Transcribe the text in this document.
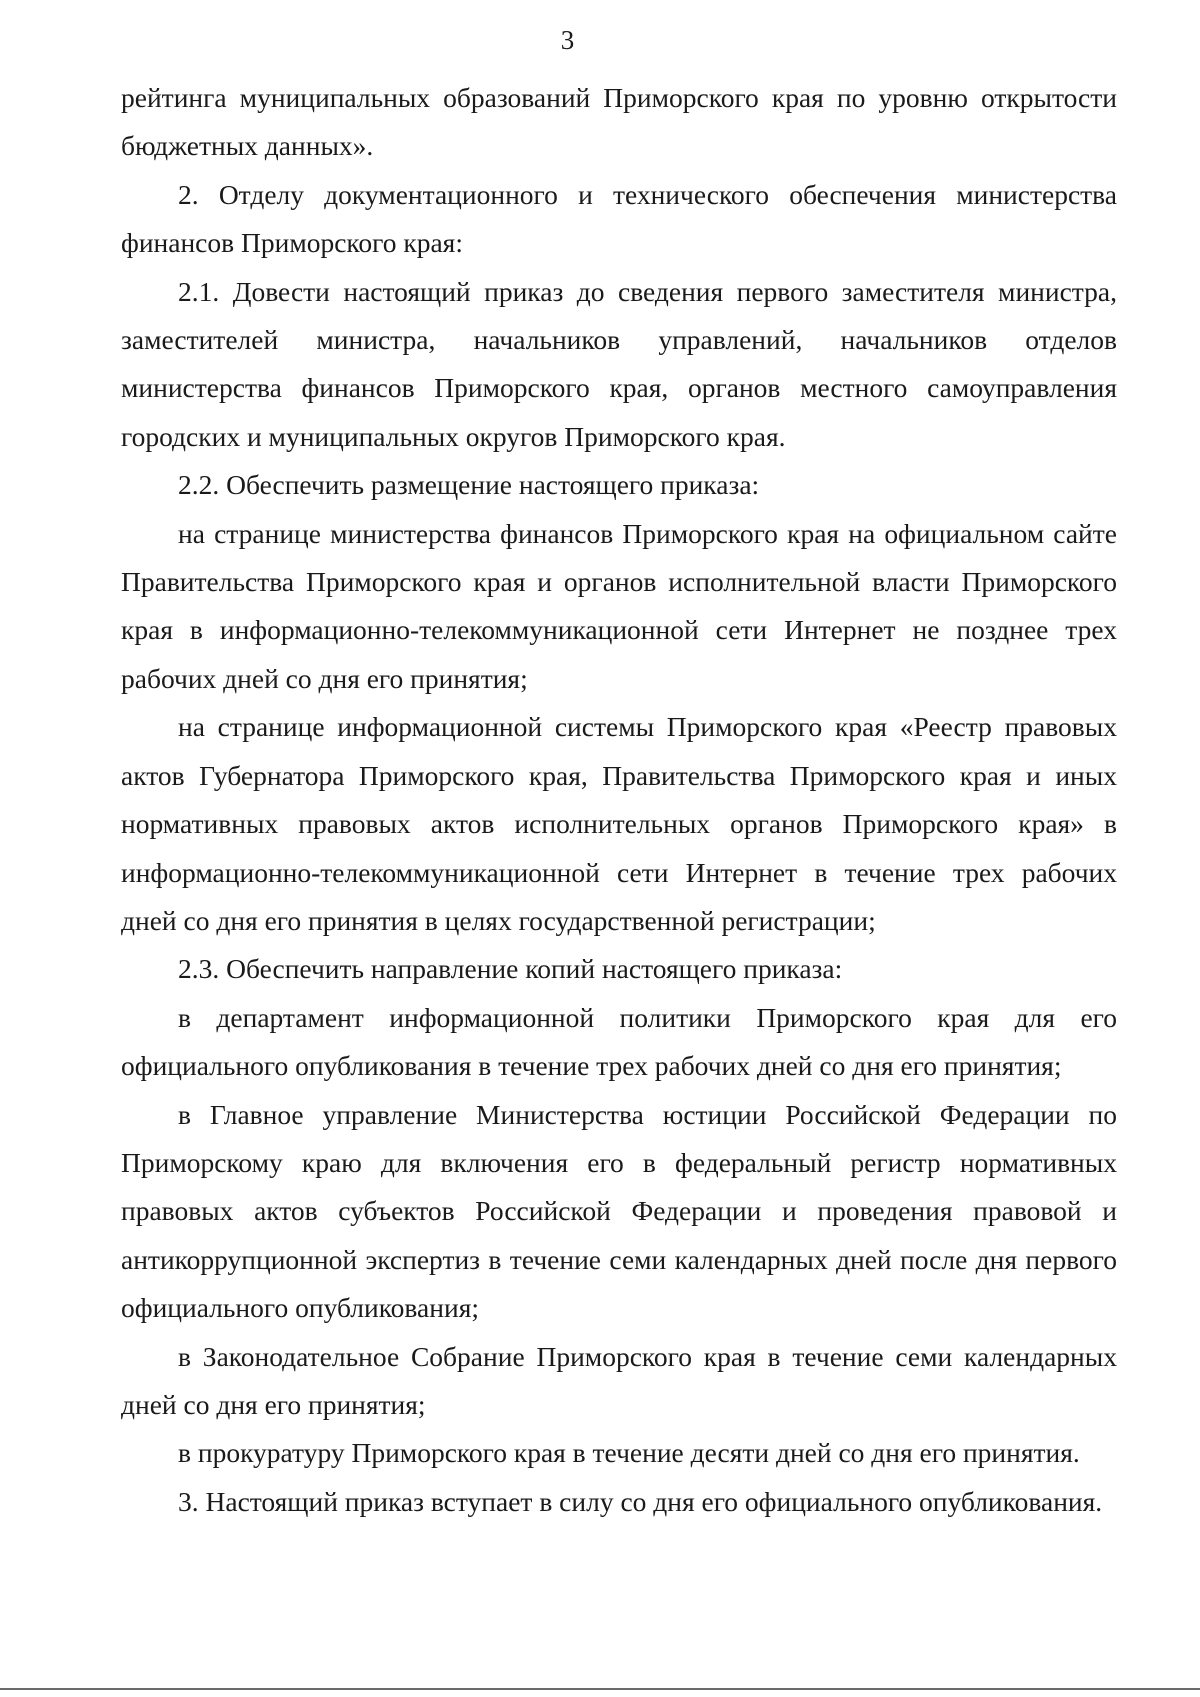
3

рейтинга муниципальных образований Приморского края по уровню открытости бюджетных данных».

2. Отделу документационного и технического обеспечения министерства финансов Приморского края:

2.1. Довести настоящий приказ до сведения первого заместителя министра, заместителей министра, начальников управлений, начальников отделов министерства финансов Приморского края, органов местного самоуправления городских и муниципальных округов Приморского края.

2.2. Обеспечить размещение настоящего приказа:

на странице министерства финансов Приморского края на официальном сайте Правительства Приморского края и органов исполнительной власти Приморского края в информационно-телекоммуникационной сети Интернет не позднее трех рабочих дней со дня его принятия;

на странице информационной системы Приморского края «Реестр правовых актов Губернатора Приморского края, Правительства Приморского края и иных нормативных правовых актов исполнительных органов Приморского края» в информационно-телекоммуникационной сети Интернет в течение трех рабочих дней со дня его принятия в целях государственной регистрации;

2.3. Обеспечить направление копий настоящего приказа:

в департамент информационной политики Приморского края для его официального опубликования в течение трех рабочих дней со дня его принятия;

в Главное управление Министерства юстиции Российской Федерации по Приморскому краю для включения его в федеральный регистр нормативных правовых актов субъектов Российской Федерации и проведения правовой и антикоррупционной экспертиз в течение семи календарных дней после дня первого официального опубликования;

в Законодательное Собрание Приморского края в течение семи календарных дней со дня его принятия;

в прокуратуру Приморского края в течение десяти дней со дня его принятия.

3. Настоящий приказ вступает в силу со дня его официального опубликования.
